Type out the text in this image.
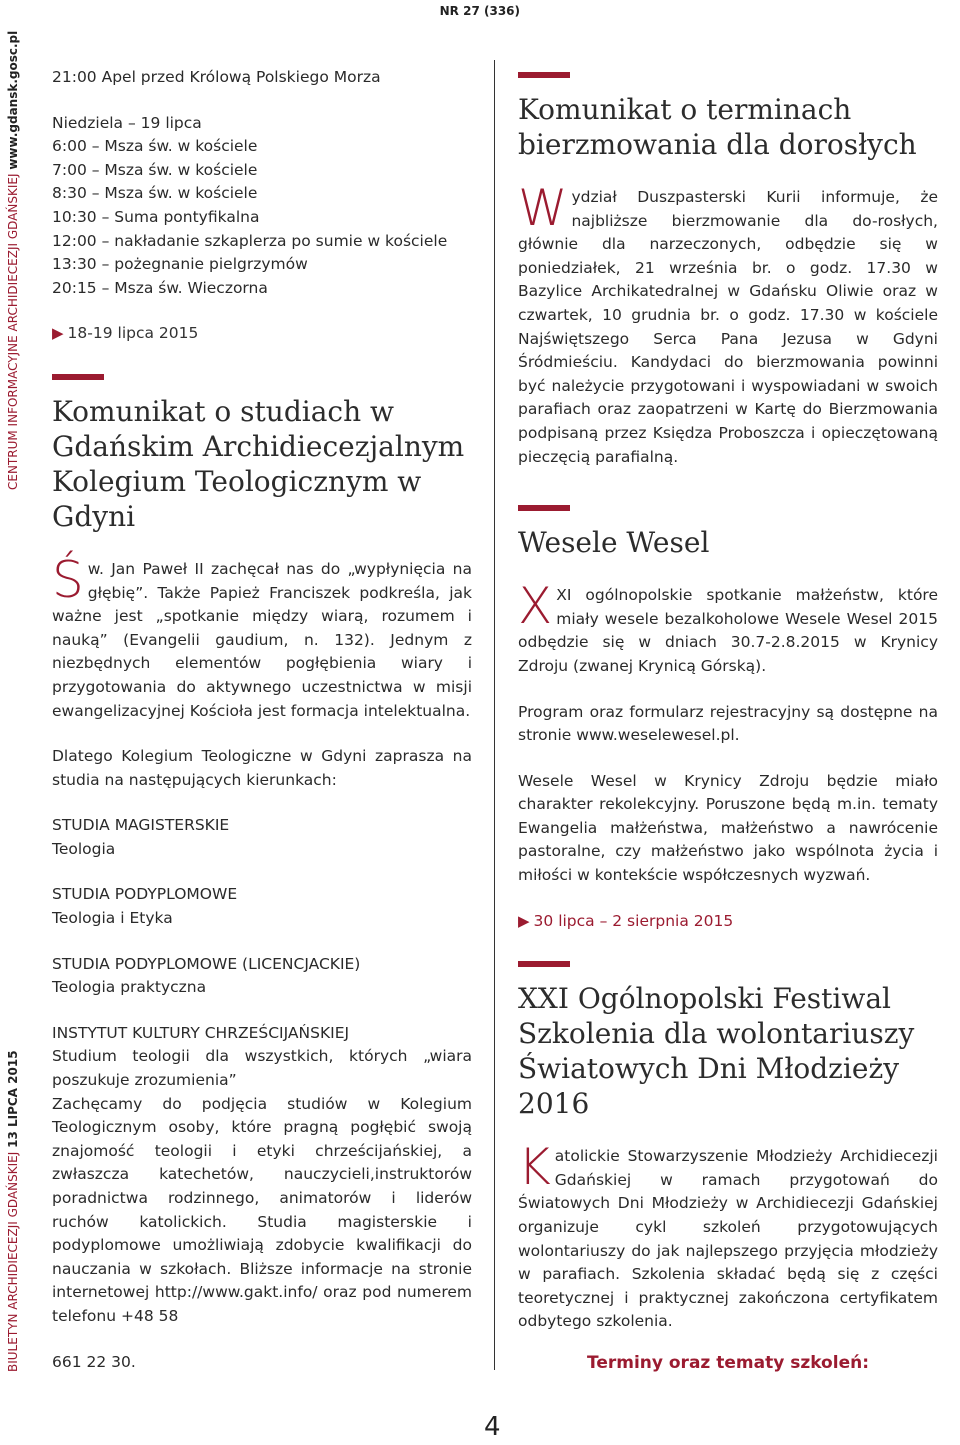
NR 27 (336)
CENTRUM INFORMACYJNE ARCHIDIECEZJI GDAŃSKIEJ www.gdansk.gosc.pl
BIULETYN ARCHIDIECEZJI GDAŃSKIEJ 13 LIPCA 2015

21:00 Apel przed Królową Polskiego Morza

Niedziela – 19 lipca

6:00 – Msza św. w kościele

7:00 – Msza św. w kościele

8:30 – Msza św. w kościele

10:30 – Suma pontyfikalna

12:00 – nakładanie szkaplerza po sumie w kościele

13:30 – pożegnanie pielgrzymów

20:15 – Msza św. Wieczorna

▶ 18-19 lipca 2015

Komunikat o studiach w Gdańskim Archidiecezjalnym Kolegium Teologicznym w Gdyni

Św. Jan Paweł II zachęcał nas do „wypłynięcia na głębię”. Także Papież Franciszek podkreśla, jak ważne jest „spotkanie między wiarą, rozumem i nauką” (Evangelii gaudium, n. 132). Jednym z niezbędnych elementów pogłębienia wiary i przygotowania do aktywnego uczestnictwa w misji ewangelizacyjnej Kościoła jest formacja intelektualna.

Dlatego Kolegium Teologiczne w Gdyni zaprasza na studia na następujących kierunkach:

STUDIA MAGISTERSKIE

Teologia

STUDIA PODYPLOMOWE

Teologia i Etyka

STUDIA PODYPLOMOWE (LICENCJACKIE)

Teologia praktyczna

INSTYTUT KULTURY CHRZEŚCIJAŃSKIEJ

Studium teologii dla wszystkich, których „wiara poszukuje zrozumienia”

Zachęcamy do podjęcia studiów w Kolegium Teologicznym osoby, które pragną pogłębić swoją znajomość teologii i etyki chrześcijańskiej, a zwłaszcza katechetów, nauczycieli,instruktorów poradnictwa rodzinnego, animatorów i liderów ruchów katolickich. Studia magisterskie i podyplomowe umożliwiają zdobycie kwalifikacji do nauczania w szkołach. Bliższe informacje na stronie internetowej http://www.gakt.info/ oraz pod numerem telefonu +48 58

661 22 30.

Komunikat o terminach bierzmowania dla dorosłych

Wydział Duszpasterski Kurii informuje, że najbliższe bierzmowanie dla do-rosłych, głównie dla narzeczonych, odbędzie się w poniedziałek, 21 września br. o godz. 17.30 w Bazylice Archikatedralnej w Gdańsku Oliwie oraz w czwartek, 10 grudnia br. o godz. 17.30 w kościele Najświętszego Serca Pana Jezusa w Gdyni Śródmieściu. Kandydaci do bierzmowania powinni być należycie przygotowani i wyspowiadani w swoich parafiach oraz zaopatrzeni w Kartę do Bierzmowania podpisaną przez Księdza Proboszcza i opieczętowaną pieczęcią parafialną.

Wesele Wesel

XXI ogólnopolskie spotkanie małżeństw, które miały wesele bezalkoholowe Wesele Wesel 2015 odbędzie się w dniach 30.7-2.8.2015 w Krynicy Zdroju (zwanej Krynicą Górską).

Program oraz formularz rejestracyjny są dostępne na stronie www.weselewesel.pl.

Wesele Wesel w Krynicy Zdroju będzie miało charakter rekolekcyjny. Poruszone będą m.in. tematy Ewangelia małżeństwa, małżeństwo a nawrócenie pastoralne, czy małżeństwo jako wspólnota życia i miłości w kontekście współczesnych wyzwań.

▶ 30 lipca – 2 sierpnia 2015

XXI Ogólnopolski Festiwal Szkolenia dla wolontariuszy Światowych Dni Młodzieży 2016

Katolickie Stowarzyszenie Młodzieży Archidiecezji Gdańskiej w ramach przygotowań do Światowych Dni Młodzieży w Archidiecezji Gdańskiej organizuje cykl szkoleń przygotowujących wolontariuszy do jak najlepszego przyjęcia młodzieży w parafiach. Szkolenia składać będą się z części teoretycznej i praktycznej zakończona certyfikatem odbytego szkolenia.

Terminy oraz tematy szkoleń:

4
